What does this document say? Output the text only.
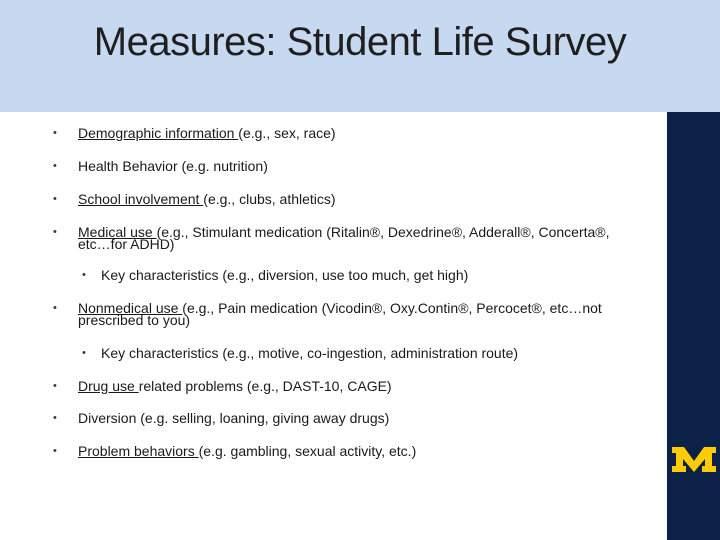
Measures: Student Life Survey
• Demographic information (e.g., sex, race)
• Health Behavior (e.g. nutrition)
• School involvement (e.g., clubs, athletics)
• Medical use (e.g., Stimulant medication (Ritalin®, Dexedrine®, Adderall®, Concerta®,
etc…for ADHD)
• Key characteristics (e.g., diversion, use too much, get high)
• Nonmedical use (e.g., Pain medication (Vicodin®, Oxy.Contin®, Percocet®, etc…not
prescribed to you)
• Key characteristics (e.g., motive, co-ingestion, administration route)
• Drug use related problems (e.g., DAST-10, CAGE)
• Diversion (e.g. selling, loaning, giving away drugs)
• Problem behaviors (e.g. gambling, sexual activity, etc.)
